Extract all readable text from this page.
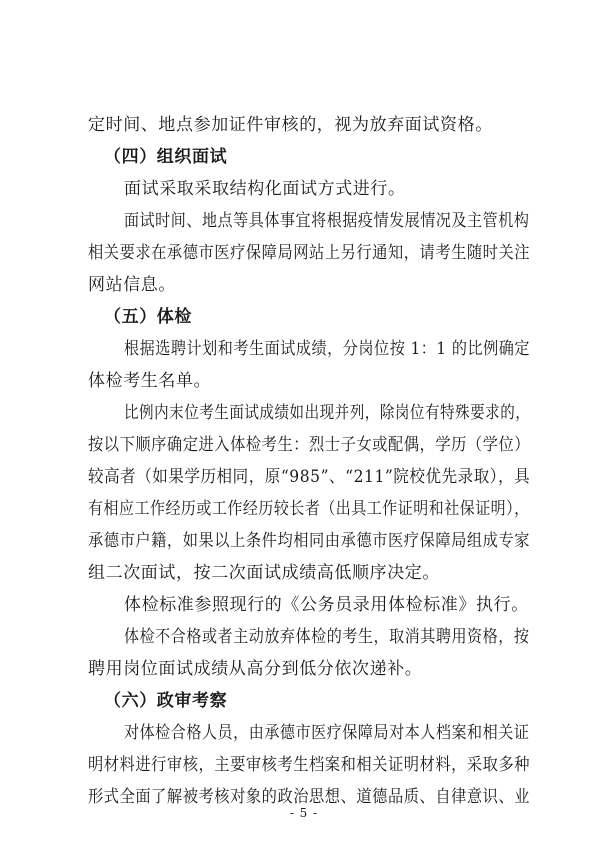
定时间、地点参加证件审核的，视为放弃面试资格。
（四）组织面试
面试采取采取结构化面试方式进行。
面试时间、地点等具体事宜将根据疫情发展情况及主管机构
相关要求在承德市医疗保障局网站上另行通知，请考生随时关注
网站信息。
（五）体检
根据选聘计划和考生面试成绩，分岗位按 1：1 的比例确定
体检考生名单。
比例内末位考生面试成绩如出现并列，除岗位有特殊要求的，
按以下顺序确定进入体检考生：烈士子女或配偶，学历（学位）
较高者（如果学历相同，原“985”、“211”院校优先录取），具
有相应工作经历或工作经历较长者（出具工作证明和社保证明），
承德市户籍，如果以上条件均相同由承德市医疗保障局组成专家
组二次面试，按二次面试成绩高低顺序决定。
体检标准参照现行的《公务员录用体检标准》执行。
体检不合格或者主动放弃体检的考生，取消其聘用资格，按
聘用岗位面试成绩从高分到低分依次递补。
（六）政审考察
对体检合格人员，由承德市医疗保障局对本人档案和相关证
明材料进行审核，主要审核考生档案和相关证明材料，采取多种
形式全面了解被考核对象的政治思想、道德品质、自律意识、业
- 5 -
